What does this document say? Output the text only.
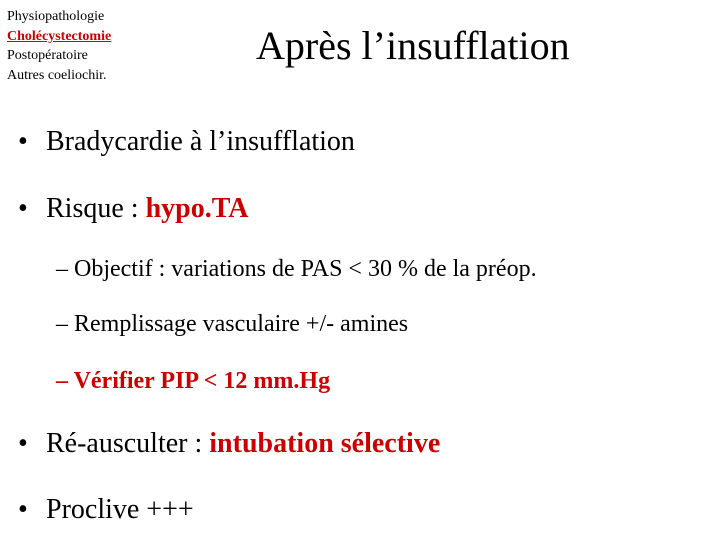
Physiopathologie
Cholécystectomie
Postopératoire
Autres coeliochir.
Après l’insufflation
• Bradycardie à l’insufflation
• Risque : hypo.TA
– Objectif : variations de PAS < 30 % de la préop.
– Remplissage vasculaire +/- amines
– Vérifier PIP < 12 mm.Hg
• Ré-ausculter : intubation sélective
• Proclive +++
